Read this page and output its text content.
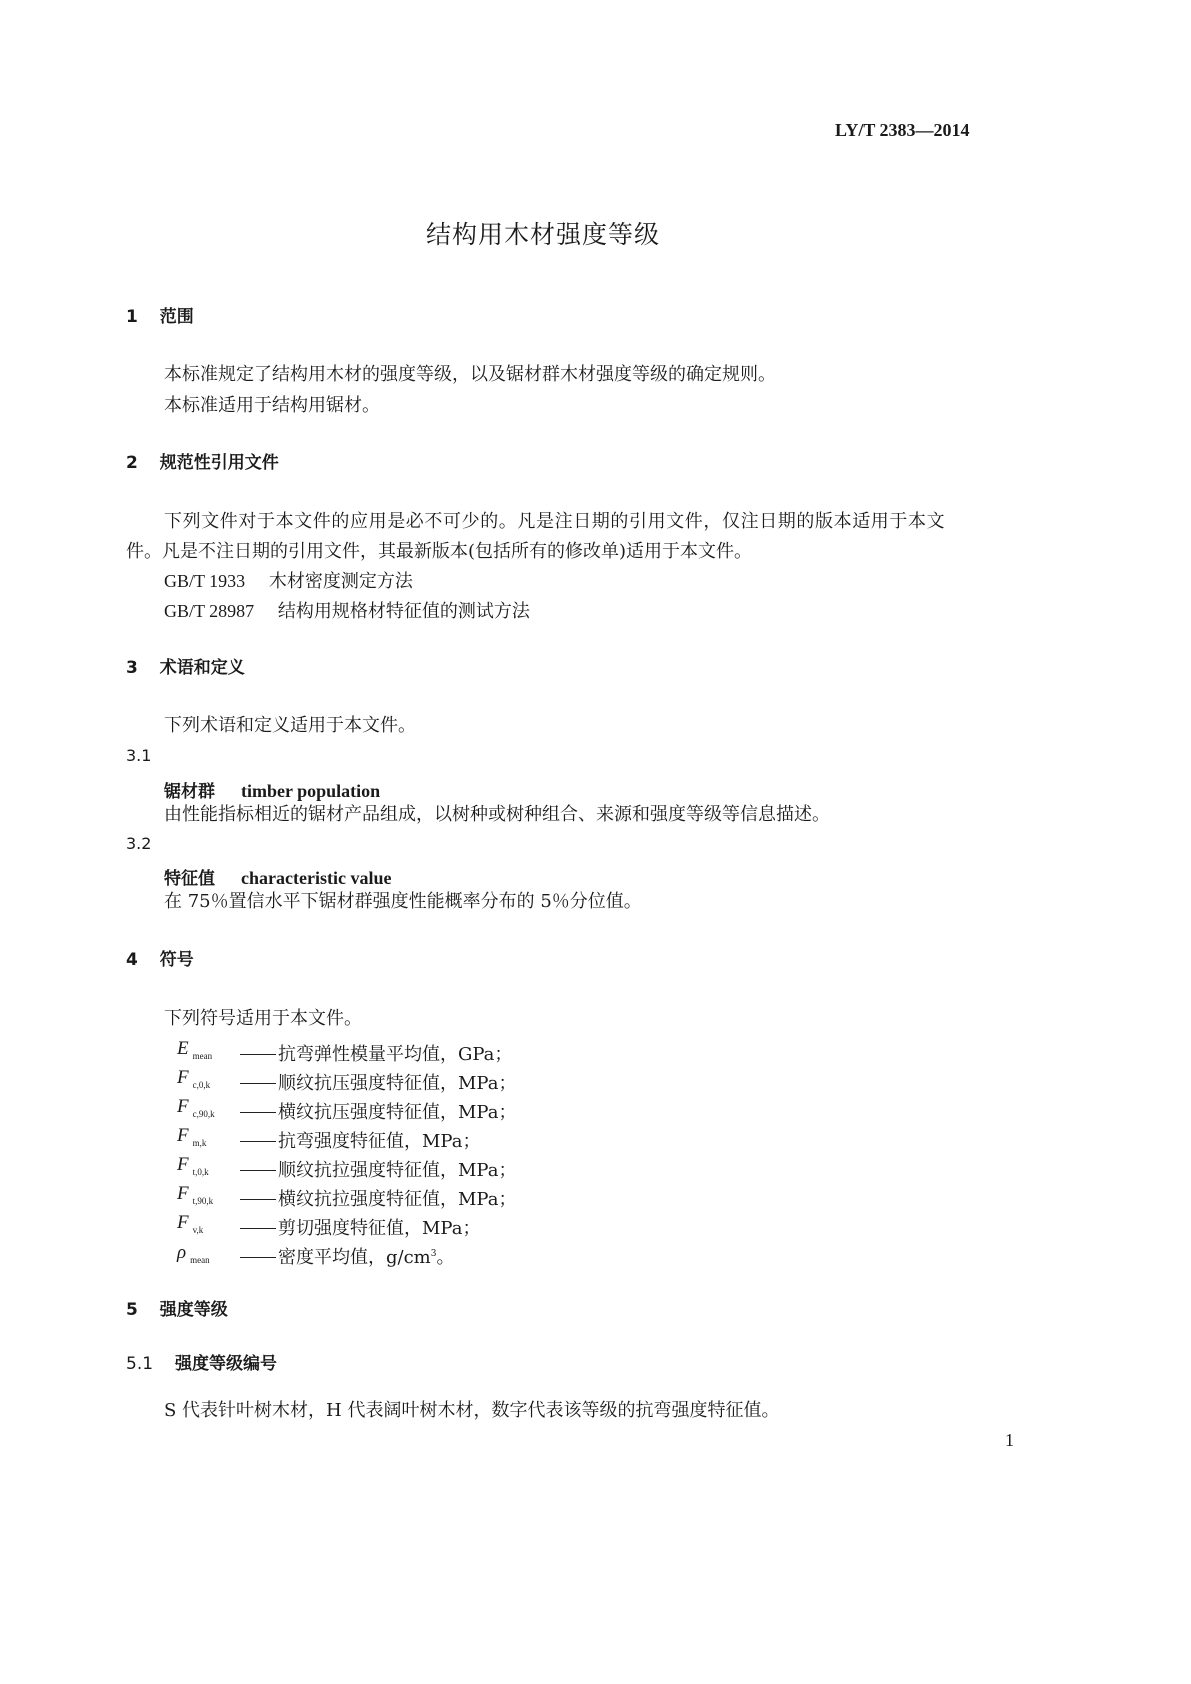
LY/T 2383—2014
结构用木材强度等级
1 范围
本标准规定了结构用木材的强度等级，以及锯材群木材强度等级的确定规则。
本标准适用于结构用锯材。
2 规范性引用文件
下列文件对于本文件的应用是必不可少的。凡是注日期的引用文件，仅注日期的版本适用于本文
件。凡是不注日期的引用文件，其最新版本(包括所有的修改单)适用于本文件。
GB/T 1933 木材密度测定方法
GB/T 28987 结构用规格材特征值的测试方法
3 术语和定义
下列术语和定义适用于本文件。
3.1
锯材群 timber population
由性能指标相近的锯材产品组成，以树种或树种组合、来源和强度等级等信息描述。
3.2
特征值 characteristic value
在 75％置信水平下锯材群强度性能概率分布的 5％分位值。
4 符号
下列符号适用于本文件。
E $_{mean}$	抗弯弹性模量平均值，GPa；
F $_{c,0,k}$	顺纹抗压强度特征值，MPa；
F $_{c,90,k}$	横纹抗压强度特征值，MPa；
F $_{m,k}$	抗弯强度特征值，MPa；
F $_{t,0,k}$	顺纹抗拉强度特征值，MPa；
F $_{t,90,k}$	横纹抗拉强度特征值，MPa；
F $_{v,k}$	剪切强度特征值，MPa；
ρ $_{mean}$	密度平均值，$g/cm^3$。
5 强度等级
5.1 强度等级编号
S 代表针叶树木材，H 代表阔叶树木材，数字代表该等级的抗弯强度特征值。
1
